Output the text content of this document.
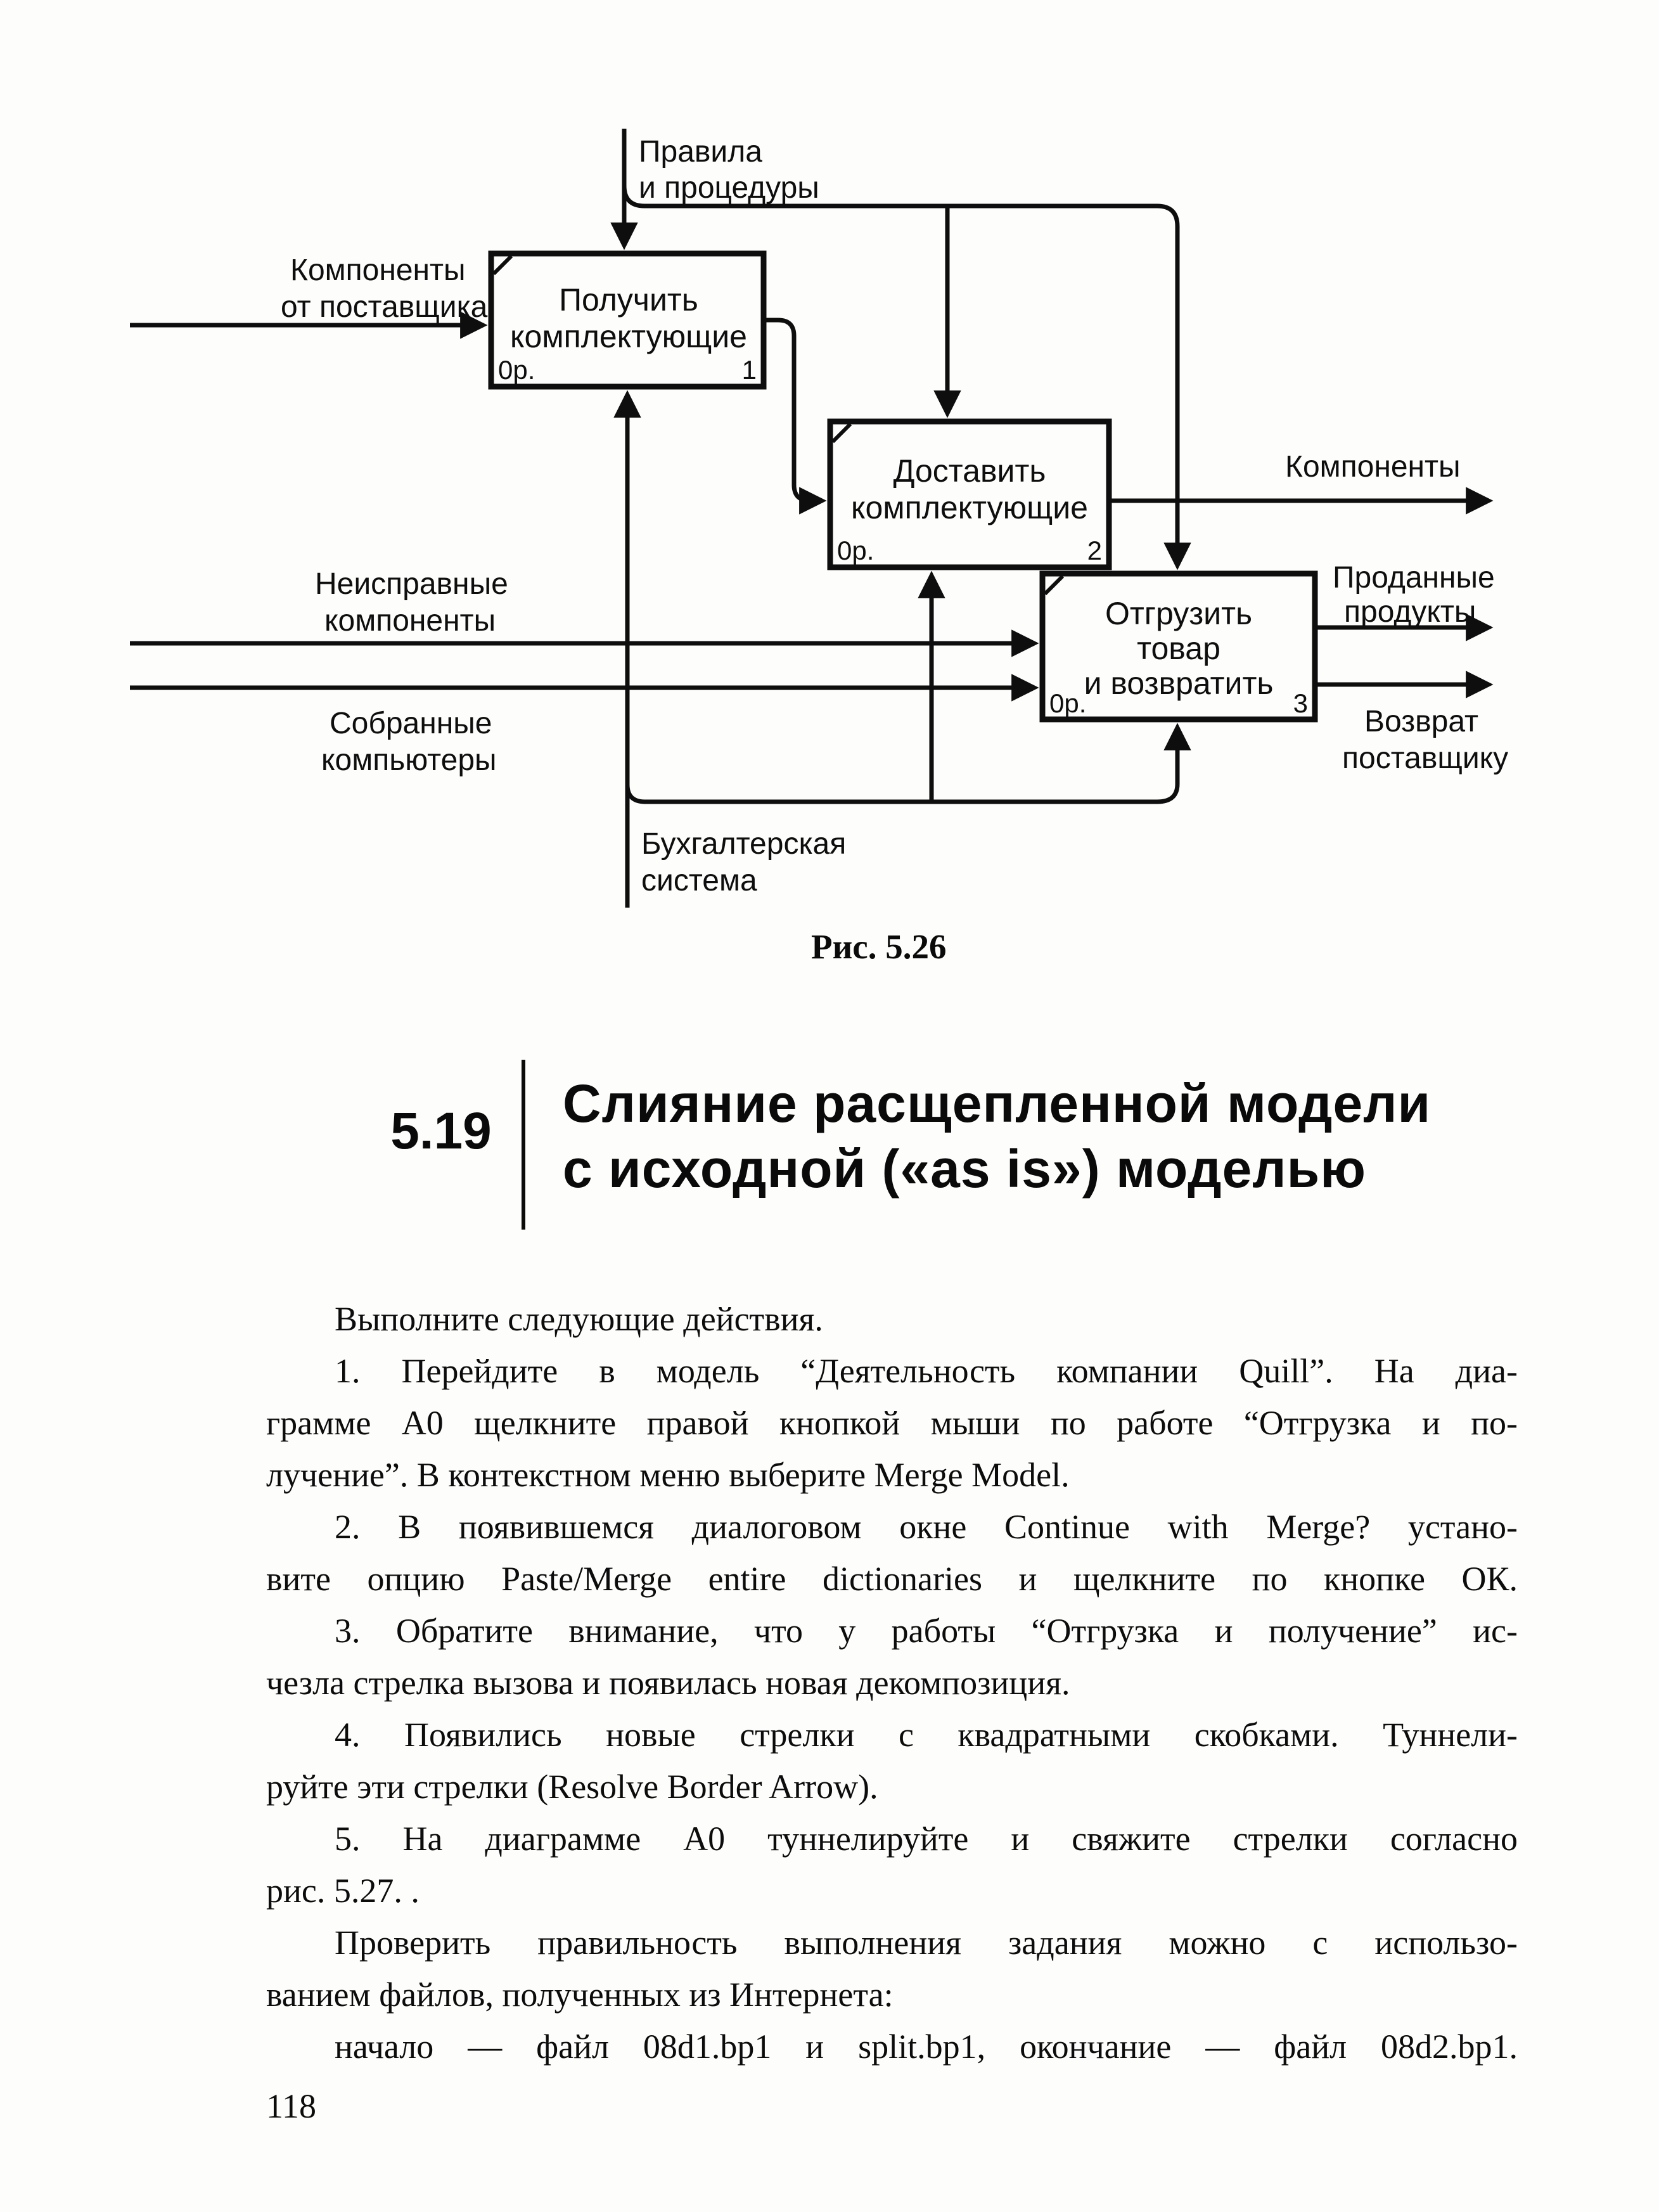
Получить
комплектующие
0р.	1
Доставить
комплектующие
0р.	2
Отгрузить
товар
и возвратить
0р.	3
Правила
и процедуры
Компоненты
от поставщика
Неисправные
компоненты
Собранные
компьютеры
Бухгалтерская
система
Компоненты
Проданные
продукты
Возврат
поставщику
Рис. 5.26
5.19 Слияние расщепленной модели
с исходной («as is») моделью
Выполните следующие действия.
1. Перейдите в модель “Деятельность компании Quill”. На диа-
грамме А0 щелкните правой кнопкой мыши по работе “Отгрузка и по-
лучение”. В контекстном меню выберите Merge Model.
2. В появившемся диалоговом окне Continue with Merge? устано-
вите опцию Paste/Merge entire dictionaries и щелкните по кнопке ОК.
3. Обратите внимание, что у работы “Отгрузка и получение” ис-
чезла стрелка вызова и появилась новая декомпозиция.
4. Появились новые стрелки с квадратными скобками. Туннели-
руйте эти стрелки (Resolve Border Arrow).
5. На диаграмме А0 туннелируйте и свяжите стрелки согласно
рис. 5.27. .
Проверить правильность выполнения задания можно с использо-
ванием файлов, полученных из Интернета:
начало — файл 08d1.bp1 и split.bp1, окончание — файл 08d2.bp1.
118
